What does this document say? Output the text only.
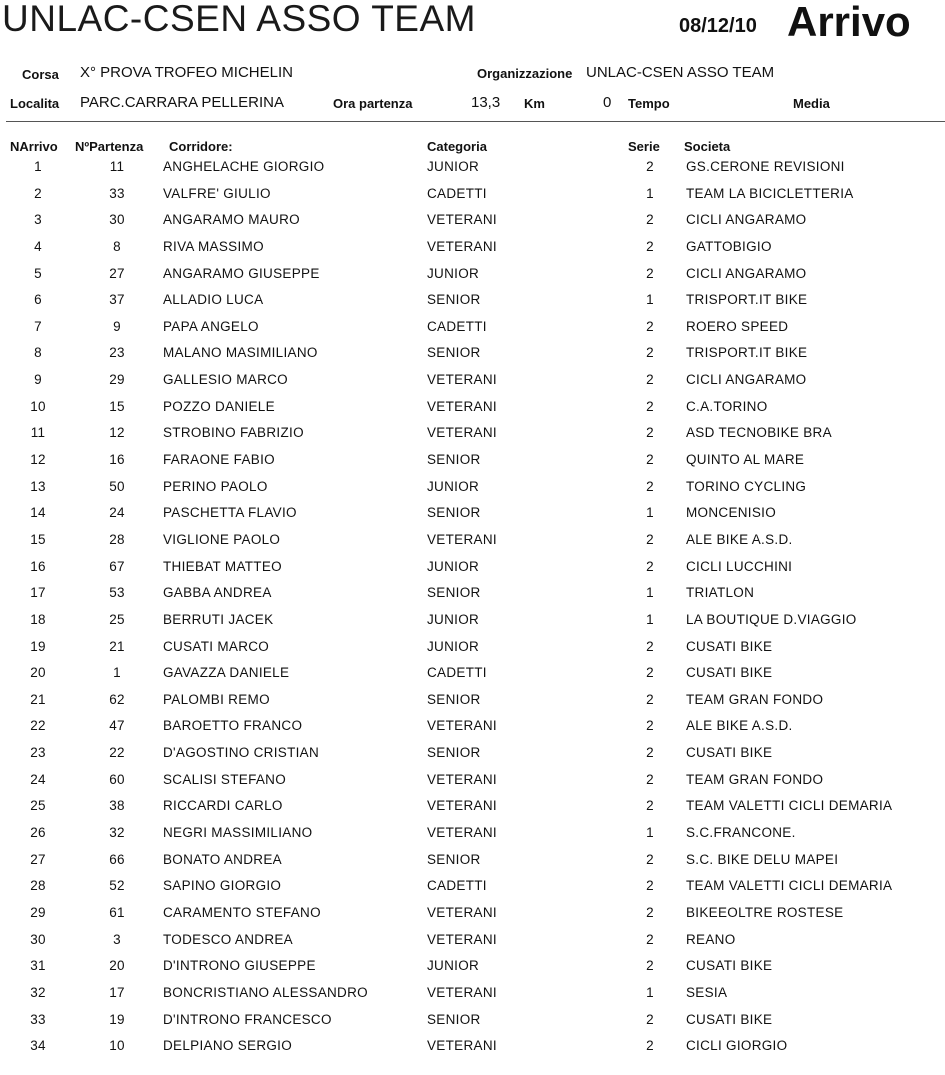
UNLAC-CSEN ASSO TEAM	08/12/10 Arrivo
Corsa X° PROVA TROFEO MICHELIN	Organizzazione UNLAC-CSEN ASSO TEAM
Localita PARC.CARRARA PELLERINA	Ora partenza	13,3 Km	0 Tempo	Media
NArrivo NºPartenza Corridore:	Categoria	Serie Societa
1	11	ANGHELACHE GIORGIO	JUNIOR	2	GS.CERONE REVISIONI
2	33	VALFRE' GIULIO	CADETTI	1	TEAM LA BICICLETTERIA
3	30	ANGARAMO MAURO	VETERANI	2	CICLI ANGARAMO
4	8	RIVA MASSIMO	VETERANI	2	GATTOBIGIO
5	27	ANGARAMO GIUSEPPE	JUNIOR	2	CICLI ANGARAMO
6	37	ALLADIO LUCA	SENIOR	1	TRISPORT.IT BIKE
7	9	PAPA ANGELO	CADETTI	2	ROERO SPEED
8	23	MALANO MASIMILIANO	SENIOR	2	TRISPORT.IT BIKE
9	29	GALLESIO MARCO	VETERANI	2	CICLI ANGARAMO
10	15	POZZO DANIELE	VETERANI	2	C.A.TORINO
11	12	STROBINO FABRIZIO	VETERANI	2	ASD TECNOBIKE BRA
12	16	FARAONE FABIO	SENIOR	2	QUINTO AL MARE
13	50	PERINO PAOLO	JUNIOR	2	TORINO CYCLING
14	24	PASCHETTA FLAVIO	SENIOR	1	MONCENISIO
15	28	VIGLIONE PAOLO	VETERANI	2	ALE BIKE A.S.D.
16	67	THIEBAT MATTEO	JUNIOR	2	CICLI LUCCHINI
17	53	GABBA ANDREA	SENIOR	1	TRIATLON
18	25	BERRUTI JACEK	JUNIOR	1	LA BOUTIQUE D.VIAGGIO
19	21	CUSATI MARCO	JUNIOR	2	CUSATI BIKE
20	1	GAVAZZA DANIELE	CADETTI	2	CUSATI BIKE
21	62	PALOMBI REMO	SENIOR	2	TEAM GRAN FONDO
22	47	BAROETTO FRANCO	VETERANI	2	ALE BIKE A.S.D.
23	22	D'AGOSTINO CRISTIAN	SENIOR	2	CUSATI BIKE
24	60	SCALISI STEFANO	VETERANI	2	TEAM GRAN FONDO
25	38	RICCARDI CARLO	VETERANI	2	TEAM VALETTI CICLI DEMARIA
26	32	NEGRI MASSIMILIANO	VETERANI	1	S.C.FRANCONE.
27	66	BONATO ANDREA	SENIOR	2	S.C. BIKE DELU MAPEI
28	52	SAPINO GIORGIO	CADETTI	2	TEAM VALETTI CICLI DEMARIA
29	61	CARAMENTO STEFANO	VETERANI	2	BIKEEOLTRE ROSTESE
30	3	TODESCO ANDREA	VETERANI	2	REANO
31	20	D'INTRONO GIUSEPPE	JUNIOR	2	CUSATI BIKE
32	17	BONCRISTIANO ALESSANDRO	VETERANI	1	SESIA
33	19	D'INTRONO FRANCESCO	SENIOR	2	CUSATI BIKE
34	10	DELPIANO SERGIO	VETERANI	2	CICLI GIORGIO
